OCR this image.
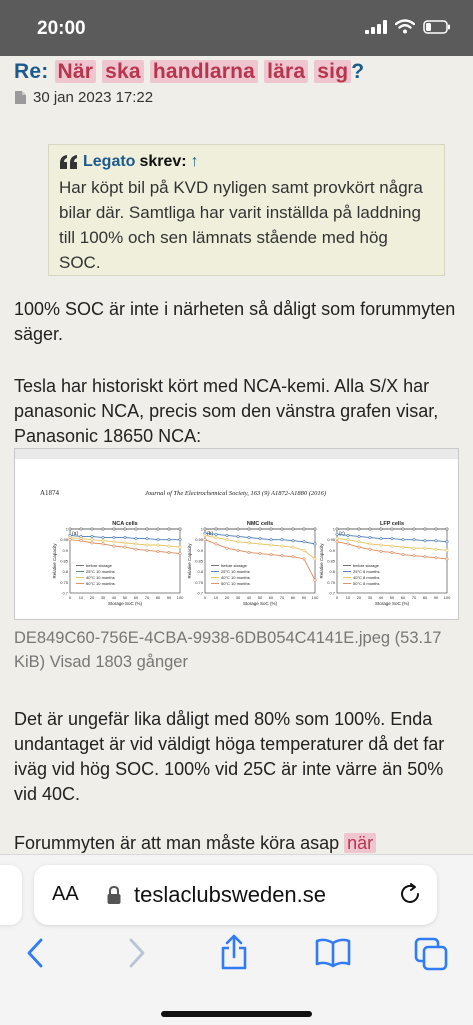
20:00
Re: När ska handlarna lära sig ?
30 jan 2023 17:22
Legato skrev: ↑
Har köpt bil på KVD nyligen samt provkört några bilar där. Samtliga har varit inställda på laddning till 100% och sen lämnats stående med hög SOC.
100% SOC är inte i närheten så dåligt som forummyten säger.
Tesla har historiskt kört med NCA-kemi. Alla S/X har panasonic NCA, precis som den vänstra grafen visar, Panasonic 18650 NCA:
A1874	Journal of The Electrochemical Society, 163 (9) A1872-A1880 (2016)
NCA cells
(a)
0.7
0.75
0.8
0.85
0.9
0.95
1
0 10 20 30 40 50 60 70 80 90 100
Storage SoC (%)
Relative Capacity	before storage
25°C 10 months
40°C 10 months
50°C 10 months
NMC cells
(b)
0.7
0.75
0.8
0.85
0.9
0.95
1
0 10 20 30 40 50 60 70 80 90 100
Storage SoC (%)
Relative Capacity	before storage
25°C 10 months
40°C 10 months
50°C 10 months
LFP cells
(c)
0.7
0.75
0.8
0.85
0.9
0.95
1
0 10 20 30 40 50 60 70 80 90 100
Storage SoC (%)
Relative Capacity	before storage
25°C 8 months
40°C 8 months
50°C 8 months
DE849C60-756E-4CBA-9938-6DB054C4141E.jpeg (53.17 KiB) Visad 1803 gånger
Det är ungefär lika dåligt med 80% som 100%. Enda undantaget är vid väldigt höga temperaturer då det far iväg vid hög SOC. 100% vid 25C är inte värre än 50% vid 40C.
Forummyten är att man måste köra asap när
AA	teslaclubsweden.se
